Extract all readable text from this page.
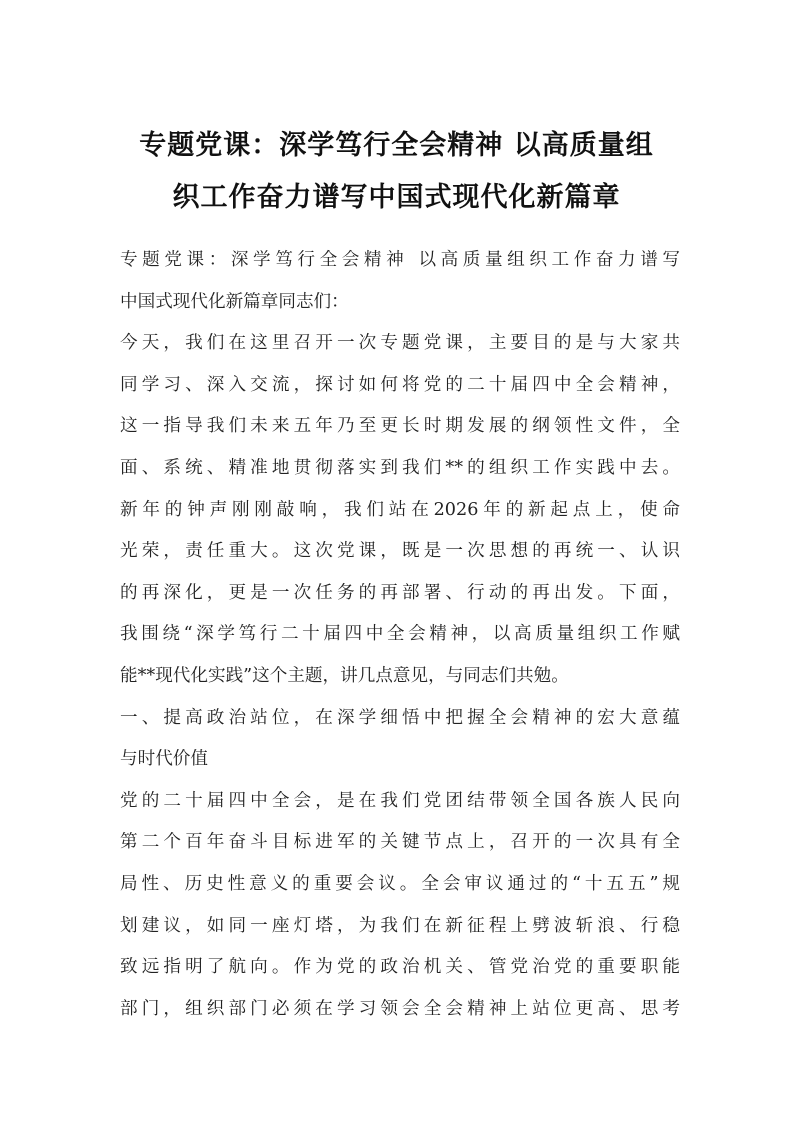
专题党课：深学笃行全会精神 以高质量组
织工作奋力谱写中国式现代化新篇章
专题党课：深学笃行全会精神 以高质量组织工作奋力谱写
中国式现代化新篇章同志们：
今天，我们在这里召开一次专题党课，主要目的是与大家共
同学习、深入交流，探讨如何将党的二十届四中全会精神，
这一指导我们未来五年乃至更长时期发展的纲领性文件，全
面、系统、精准地贯彻落实到我们**的组织工作实践中去。
新年的钟声刚刚敲响，我们站在2026年的新起点上，使命
光荣，责任重大。这次党课，既是一次思想的再统一、认识
的再深化，更是一次任务的再部署、行动的再出发。下面，
我围绕“深学笃行二十届四中全会精神，以高质量组织工作赋
能**现代化实践”这个主题，讲几点意见，与同志们共勉。
一、提高政治站位，在深学细悟中把握全会精神的宏大意蕴
与时代价值
党的二十届四中全会，是在我们党团结带领全国各族人民向
第二个百年奋斗目标进军的关键节点上，召开的一次具有全
局性、历史性意义的重要会议。全会审议通过的“十五五”规
划建议，如同一座灯塔，为我们在新征程上劈波斩浪、行稳
致远指明了航向。作为党的政治机关、管党治党的重要职能
部门，组织部门必须在学习领会全会精神上站位更高、思考
